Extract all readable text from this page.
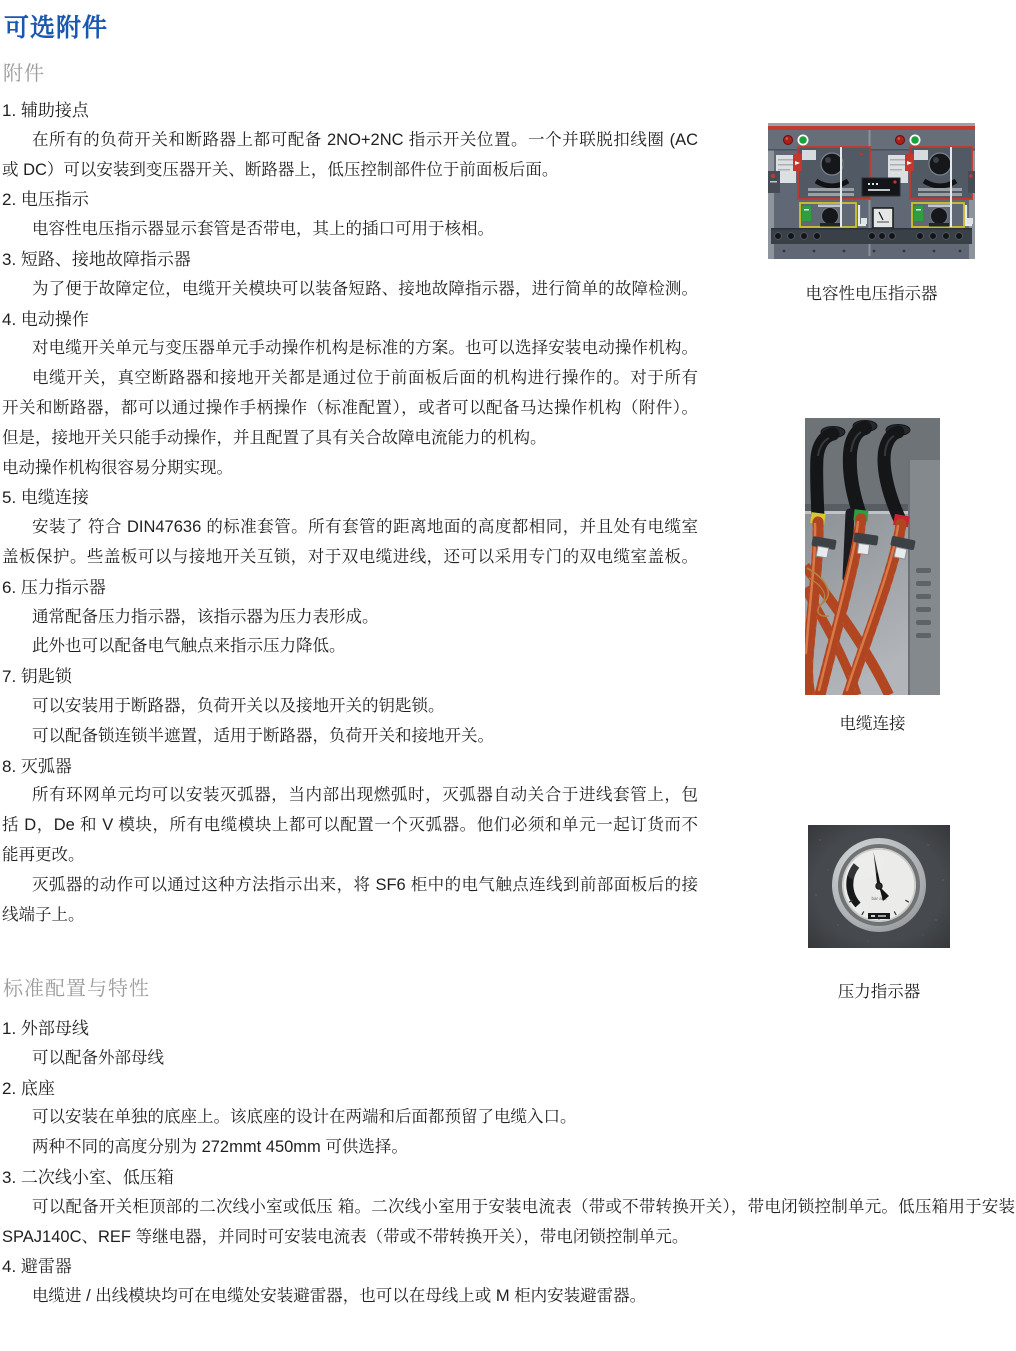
可选附件
附件
1. 辅助接点
在所有的负荷开关和断路器上都可配备 2NO+2NC 指示开关位置。一个并联脱扣线圈 (AC
或 DC）可以安装到变压器开关、断路器上，低压控制部件位于前面板后面。
2. 电压指示
电容性电压指示器显示套管是否带电，其上的插口可用于核相。
3. 短路、接地故障指示器
为了便于故障定位，电缆开关模块可以装备短路、接地故障指示器，进行简单的故障检测。
4. 电动操作
对电缆开关单元与变压器单元手动操作机构是标准的方案。也可以选择安装电动操作机构。
电缆开关，真空断路器和接地开关都是通过位于前面板后面的机构进行操作的。对于所有
开关和断路器，都可以通过操作手柄操作（标准配置），或者可以配备马达操作机构（附件）。
但是，接地开关只能手动操作，并且配置了具有关合故障电流能力的机构。
电动操作机构很容易分期实现。
5. 电缆连接
安装了 符合 DIN47636 的标准套管。所有套管的距离地面的高度都相同，并且处有电缆室
盖板保护。些盖板可以与接地开关互锁，对于双电缆进线，还可以采用专门的双电缆室盖板。
6. 压力指示器
通常配备压力指示器，该指示器为压力表形成。
此外也可以配备电气触点来指示压力降低。
7. 钥匙锁
可以安装用于断路器，负荷开关以及接地开关的钥匙锁。
可以配备锁连锁半遮置，适用于断路器，负荷开关和接地开关。
8. 灭弧器
所有环网单元均可以安装灭弧器，当内部出现燃弧时，灭弧器自动关合于进线套管上，包
括 D，De 和 V 模块，所有电缆模块上都可以配置一个灭弧器。他们必须和单元一起订货而不
能再更改。
灭弧器的动作可以通过这种方法指示出来，将 SF6 柜中的电气触点连线到前部面板后的接
线端子上。
标准配置与特性
1. 外部母线
可以配备外部母线
2. 底座
可以安装在单独的底座上。该底座的设计在两端和后面都预留了电缆入口。
两种不同的高度分别为 272mmt 450mm 可供选择。
3. 二次线小室、低压箱
可以配备开关柜顶部的二次线小室或低压 箱。二次线小室用于安装电流表（带或不带转换开关），带电闭锁控制单元。低压箱用于安装
SPAJ140C、REF 等继电器，并同时可安装电流表（带或不带转换开关），带电闭锁控制单元。
4. 避雷器
电缆进 / 出线模块均可在电缆处安装避雷器，也可以在母线上或 M 柜内安装避雷器。
电容性电压指示器
电缆连接
压力指示器
